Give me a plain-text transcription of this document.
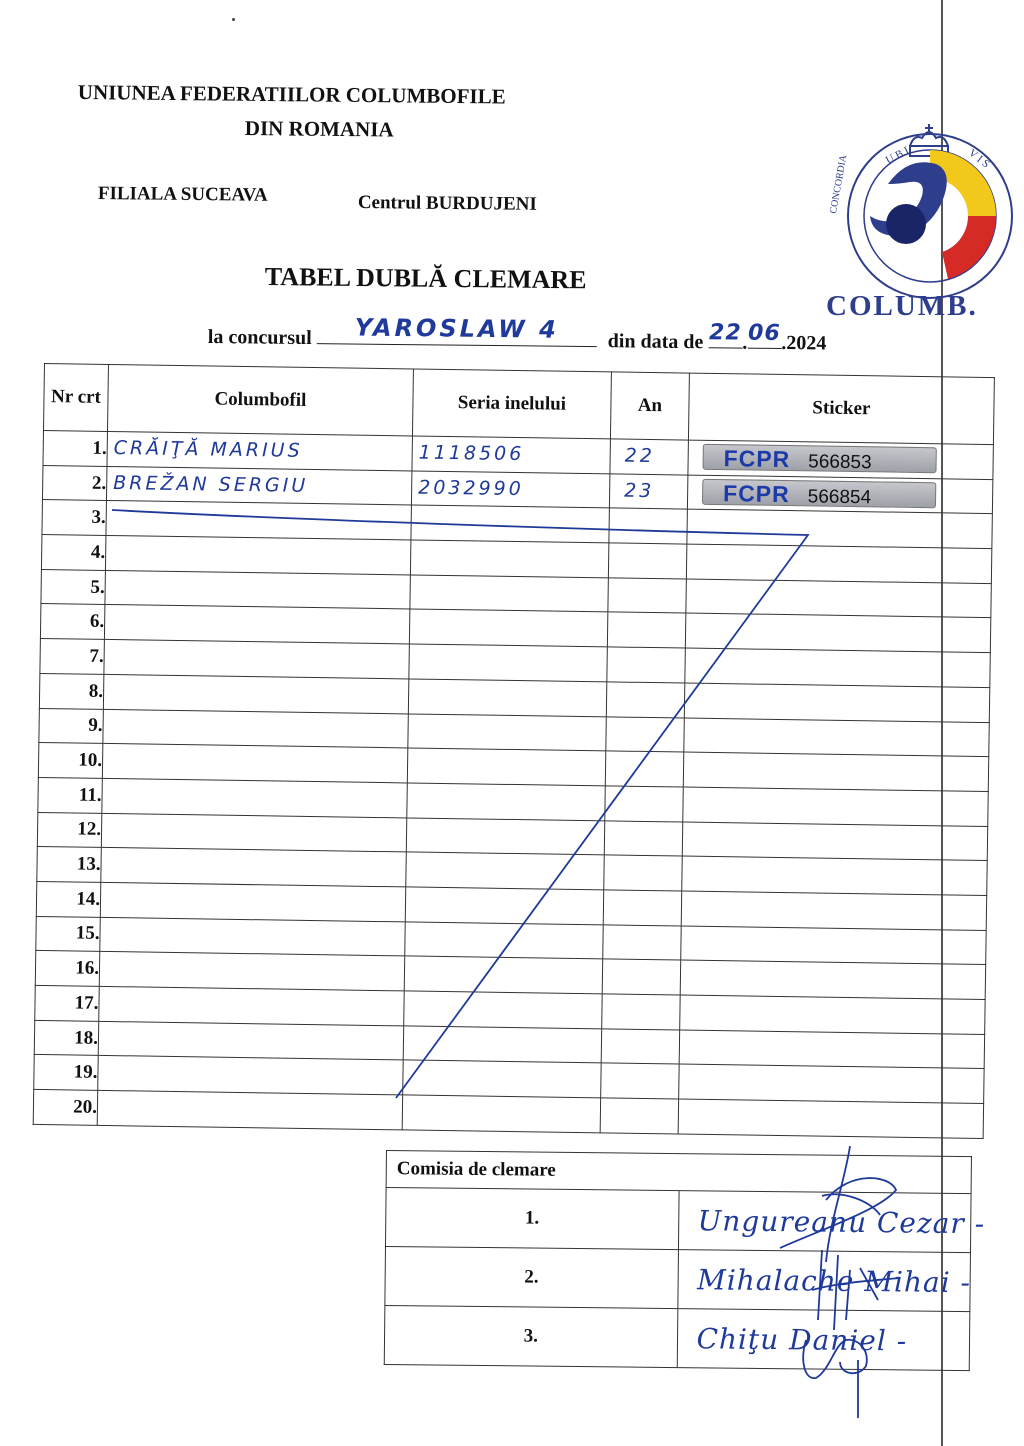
UNIUNEA FEDERATIILOR COLUMBOFILE
DIN ROMANIA
FILIALA SUCEAVA	Centrul BURDUJENI
TABEL DUBLĂ CLEMARE
la concursul	YAROSLAW 4	din data de 22 . 06 .2024
U B I
CONCORDIA	V I S
COLUMB.
Nr crt	Columbofil	Seria inelului	An	Sticker
1.	CRĂIŢĂ MARIUS	1118506	22	FCPR 566853
2.	BREŽAN SERGIU	2032990	23	FCPR 566854
3.				
4.				
5.				
6.				
7.				
8.				
9.				
10.				
11.				
12.				
13.				
14.				
15.				
16.				
17.				
18.				
19.				
20.				
Comisia de clemare	
1.	Ungureanu Cezar -
2.	Mihalache Mihai -
3.	Chiţu Daniel -
